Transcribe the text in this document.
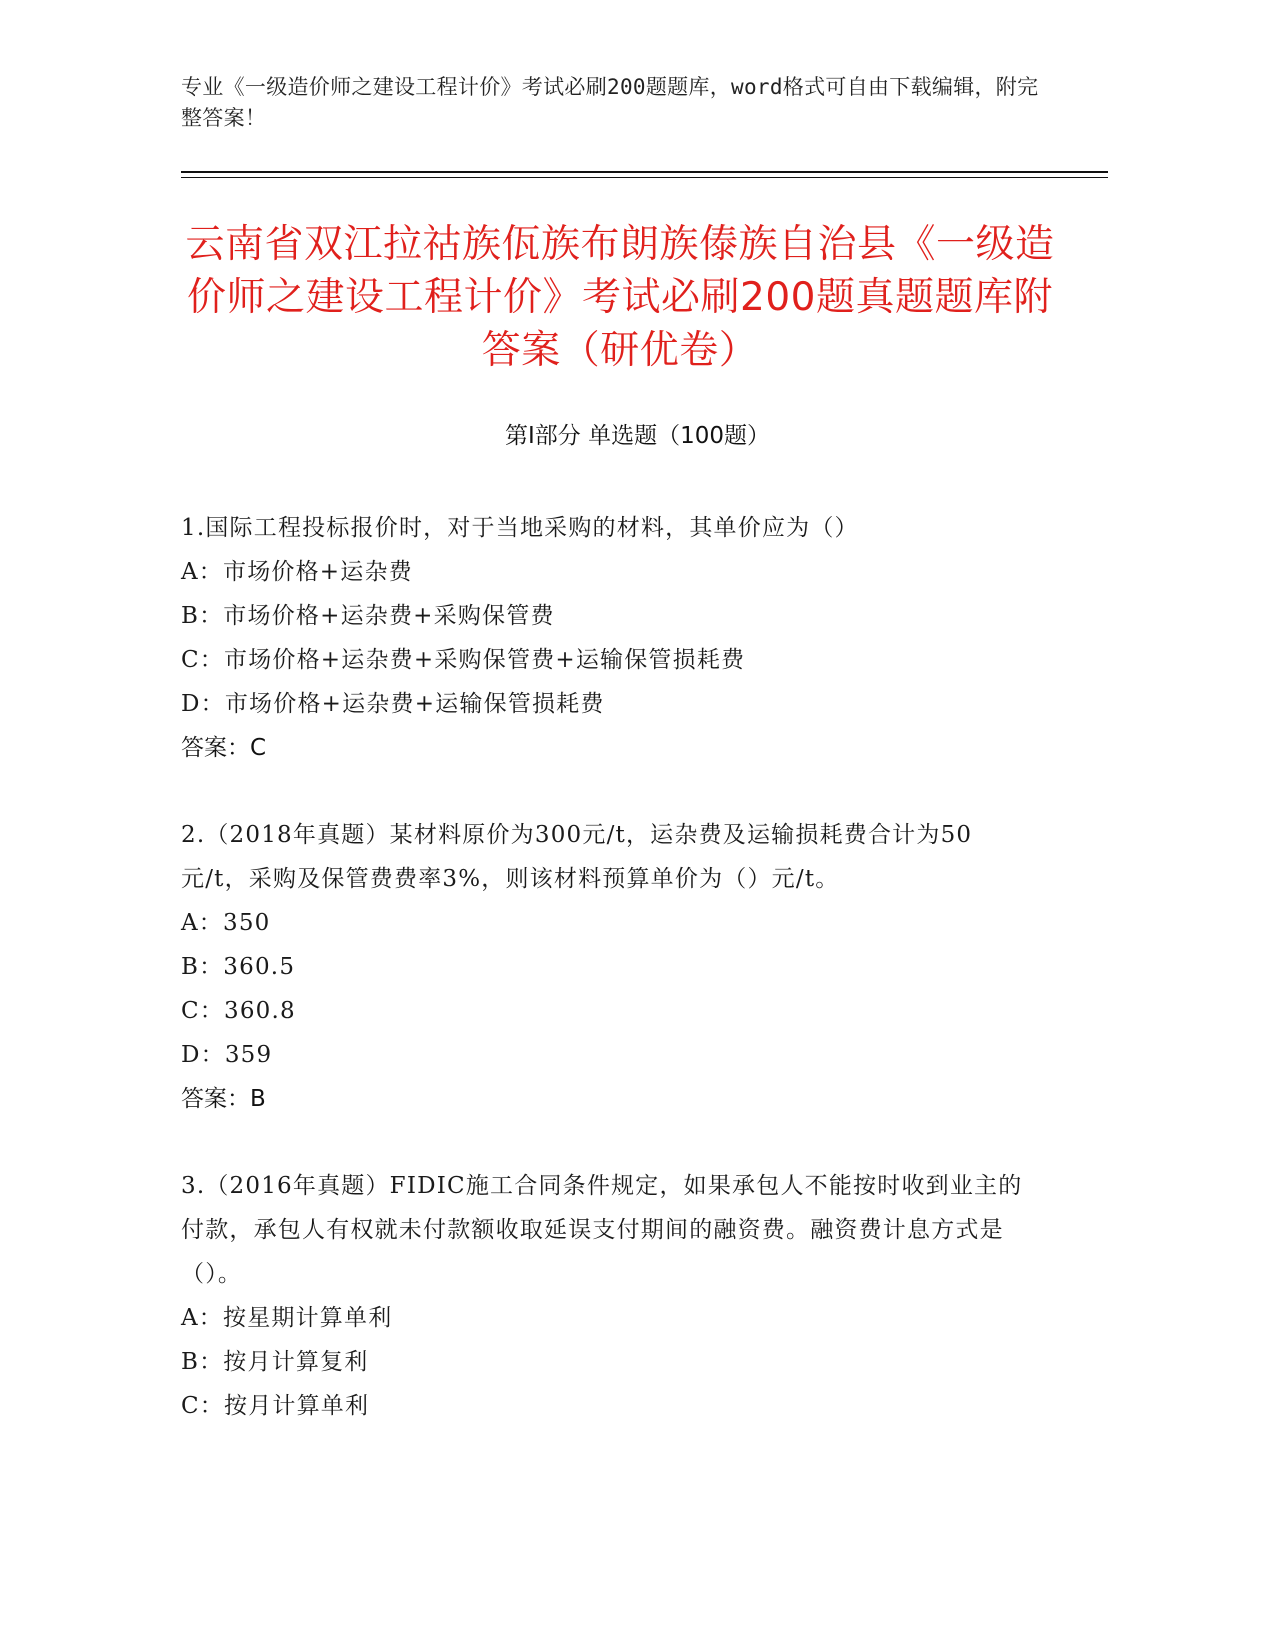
专业《一级造价师之建设工程计价》考试必刷200题题库，word格式可自由下载编辑，附完整答案！
云南省双江拉祜族佤族布朗族傣族自治县《一级造价师之建设工程计价》考试必刷200题真题题库附答案（研优卷）
第Ⅰ部分 单选题（100题）
1.国际工程投标报价时，对于当地采购的材料，其单价应为（）
A：市场价格+运杂费
B：市场价格+运杂费+采购保管费
C：市场价格+运杂费+采购保管费+运输保管损耗费
D：市场价格+运杂费+运输保管损耗费
答案：C
2.（2018年真题）某材料原价为300元/t，运杂费及运输损耗费合计为50元/t，采购及保管费费率3%，则该材料预算单价为（）元/t。
A：350
B：360.5
C：360.8
D：359
答案：B
3.（2016年真题）FIDIC施工合同条件规定，如果承包人不能按时收到业主的付款，承包人有权就未付款额收取延误支付期间的融资费。融资费计息方式是（）。
A：按星期计算单利
B：按月计算复利
C：按月计算单利
